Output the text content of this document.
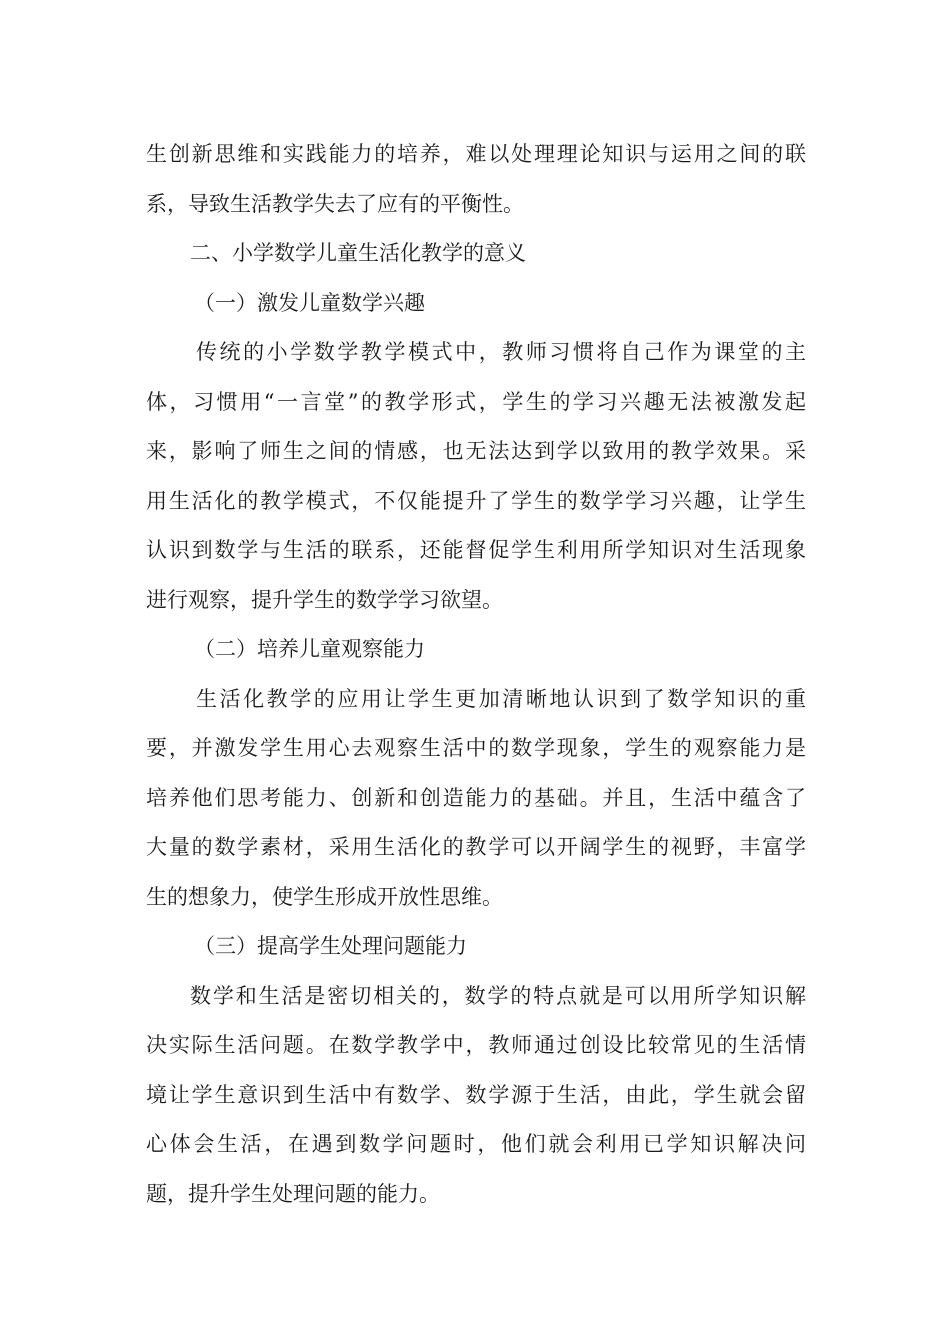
生创新思维和实践能力的培养，难以处理理论知识与运用之间的联
系，导致生活教学失去了应有的平衡性。
二、小学数学儿童生活化教学的意义
（一）激发儿童数学兴趣
传统的小学数学教学模式中，教师习惯将自己作为课堂的主
体，习惯用“一言堂”的教学形式，学生的学习兴趣无法被激发起
来，影响了师生之间的情感，也无法达到学以致用的教学效果。采
用生活化的教学模式，不仅能提升了学生的数学学习兴趣，让学生
认识到数学与生活的联系，还能督促学生利用所学知识对生活现象
进行观察，提升学生的数学学习欲望。
（二）培养儿童观察能力
生活化教学的应用让学生更加清晰地认识到了数学知识的重
要，并激发学生用心去观察生活中的数学现象，学生的观察能力是
培养他们思考能力、创新和创造能力的基础。并且，生活中蕴含了
大量的数学素材，采用生活化的教学可以开阔学生的视野，丰富学
生的想象力，使学生形成开放性思维。
（三）提高学生处理问题能力
数学和生活是密切相关的，数学的特点就是可以用所学知识解
决实际生活问题。在数学教学中，教师通过创设比较常见的生活情
境让学生意识到生活中有数学、数学源于生活，由此，学生就会留
心体会生活，在遇到数学问题时，他们就会利用已学知识解决问
题，提升学生处理问题的能力。
